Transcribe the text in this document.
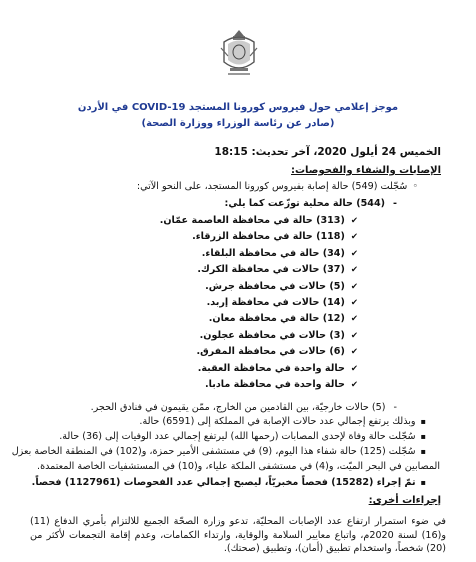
موجز إعلامي حول فيروس كورونا المستجد COVID-19 في الأردن
(صادر عن رئاسة الوزراء ووزارة الصحة)
الخميس 24 أيلول 2020، آخر تحديث: 18:15
الإصابات والشفاء والفحوصات:
◦ سُجّلت (549) حالة إصابة بفيروس كورونا المستجد، على النحو الآتي:
- (544) حالة محلية توزّعت كما يلي:
✔ (313) حالة في محافظة العاصمة عمّان.
✔ (118) حالة في محافظة الزرقاء.
✔ (34) حالة في محافظة البلقاء.
✔ (37) حالات في محافظة الكرك.
✔ (5) حالات في محافظة جرش.
✔ (14) حالات في محافظة إربد.
✔ (12) حالة في محافظة معان.
✔ (3) حالات في محافظة عجلون.
✔ (6) حالات في محافظة المفرق.
✔ حالة واحدة في محافظة العقبة.
✔ حالة واحدة في محافظة مادبا.
- (5) حالات خارجيّة، بين القادمين من الخارج، ممّن يقيمون في فنادق الحجر.
▪ وبذلك يرتفع إجمالي عدد حالات الإصابة في المملكة إلى (6591) حالة.
▪ سُجّلت حالة وفاة لإحدى المصابات (رحمها الله) ليرتفع إجمالي عدد الوفيات إلى (36) حالة.
▪ سُجّلت (125) حالة شفاء هذا اليوم، (9) في مستشفى الأمير حمزة، و(102) في المنطقة الخاصة بعزل
المصابين في البحر الميّت، و(4) في مستشفى الملكة علياء، و(10) في المستشفيات الخاصة المعتمدة.
▪ تمّ إجراء (15282) فحصاً مخبريّاً، ليصبح إجمالي عدد الفحوصات (1127961) فحصاً.
إجراءات أخرى:
في ضوء استمرار ارتفاع عدد الإصابات المحليّة، تدعو وزارة الصحّة الجميع للالتزام بأمري الدفاع (11) و(16) لسنة 2020م، واتباع معايير السلامة والوقاية، وارتداء الكمامات، وعدم إقامة التجمعات لأكثر من (20) شخصاً، واستخدام تطبيق (أمان)، وتطبيق (صحتك).
